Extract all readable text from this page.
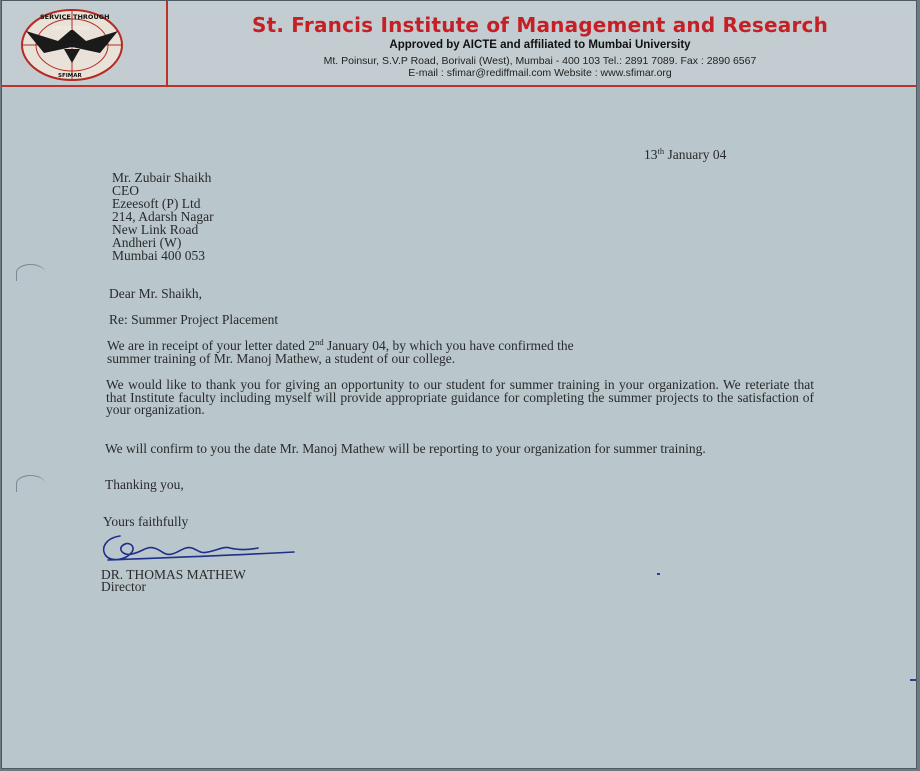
SERVICE THROUGH
ENTERPRISE
SFIMAR
St. Francis Institute of Management and Research
Approved by AICTE and affiliated to Mumbai University
Mt. Poinsur, S.V.P Road, Borivali (West), Mumbai - 400 103 Tel.: 2891 7089. Fax : 2890 6567
E-mail : sfimar@rediffmail.com Website : www.sfimar.org
13th January 04
Mr. Zubair Shaikh
CEO
Ezeesoft (P) Ltd
214, Adarsh Nagar
New Link Road
Andheri (W)
Mumbai 400 053
Dear Mr. Shaikh,
Re: Summer Project Placement
We are in receipt of your letter dated 2nd January 04, by which you have confirmed the
summer training of Mr. Manoj Mathew, a student of our college.
We would like to thank you for giving an opportunity to our student for summer training in your organization. We reteriate that that Institute faculty including myself will provide appropriate guidance for completing the summer projects to the satisfaction of your organization.
We will confirm to you the date Mr. Manoj Mathew will be reporting to your organization for summer training.
Thanking you,
Yours faithfully
DR. THOMAS MATHEW
Director
